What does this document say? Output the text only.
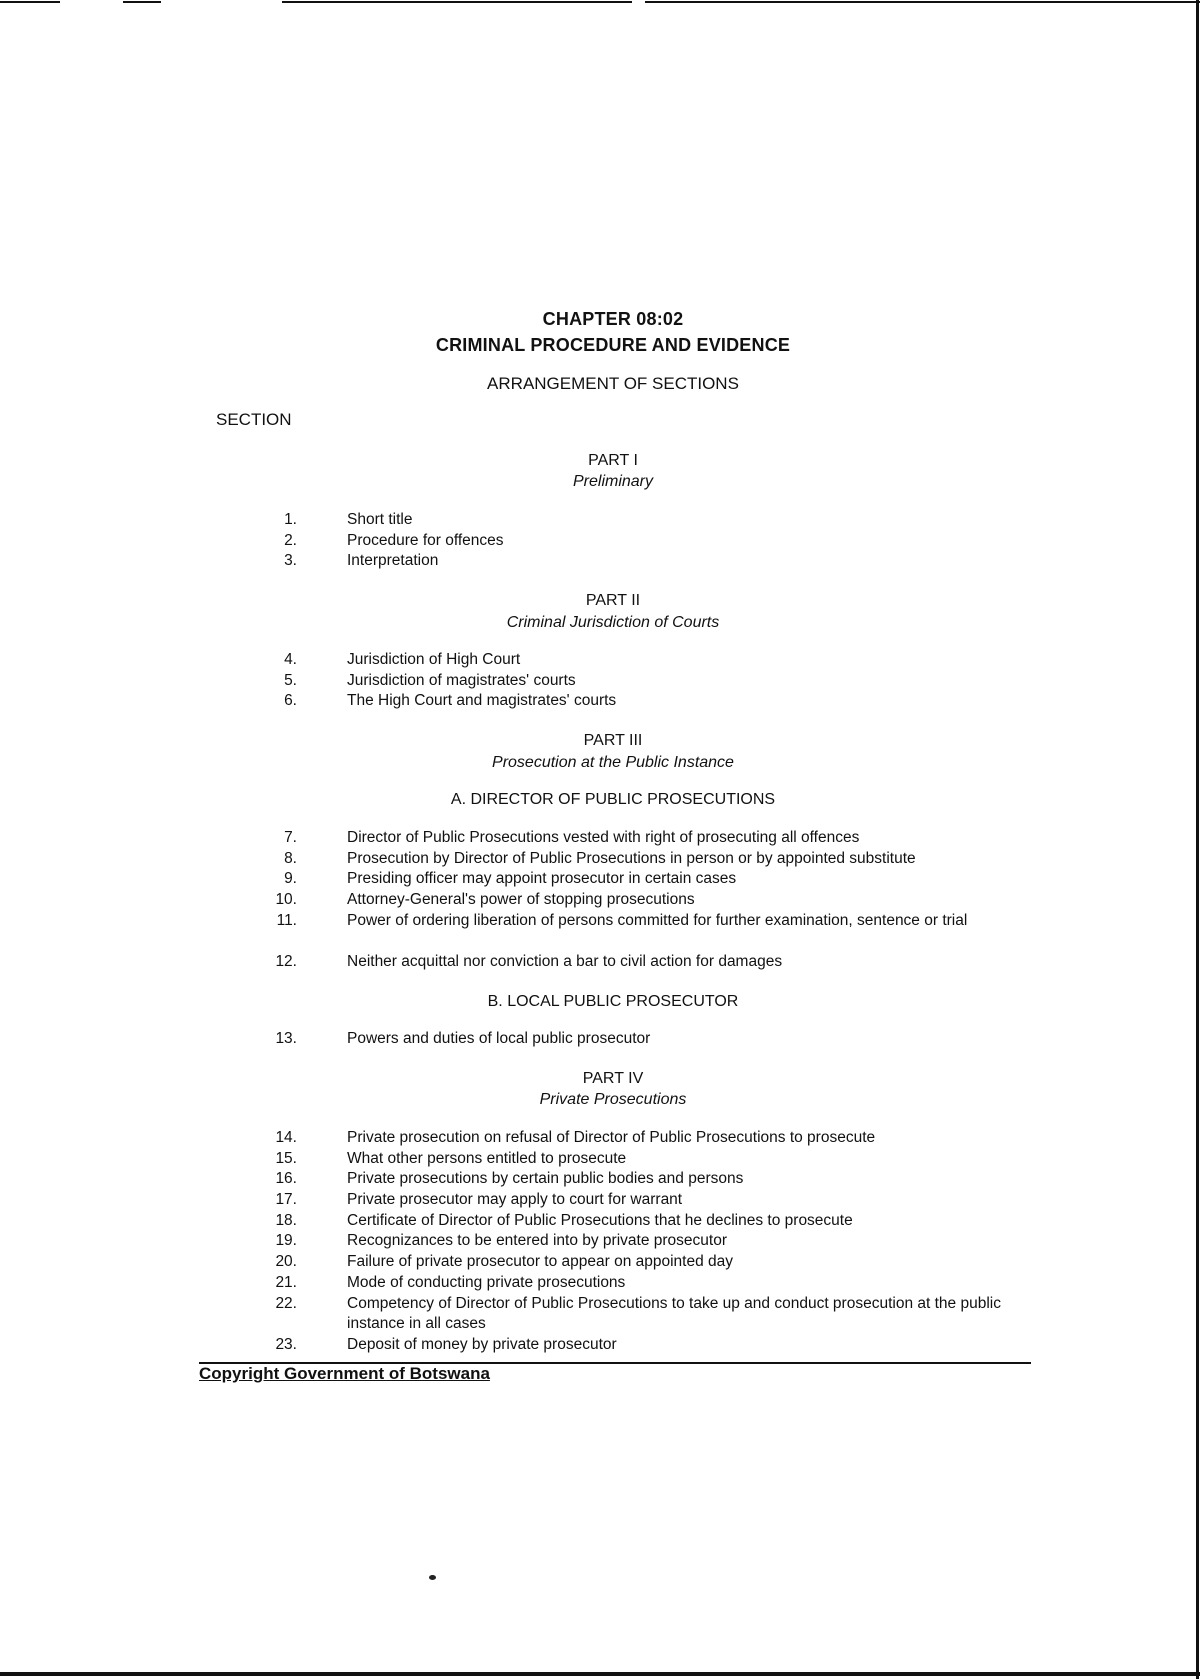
CHAPTER 08:02
CRIMINAL PROCEDURE AND EVIDENCE
ARRANGEMENT OF SECTIONS
SECTION
PART I
Preliminary
1.	Short title
2.	Procedure for offences
3.	Interpretation
PART II
Criminal Jurisdiction of Courts
4.	Jurisdiction of High Court
5.	Jurisdiction of magistrates' courts
6.	The High Court and magistrates' courts
PART III
Prosecution at the Public Instance
A. DIRECTOR OF PUBLIC PROSECUTIONS
7.	Director of Public Prosecutions vested with right of prosecuting all offences
8.	Prosecution by Director of Public Prosecutions in person or by appointed substitute
9.	Presiding officer may appoint prosecutor in certain cases
10.	Attorney-General's power of stopping prosecutions
11.	Power of ordering liberation of persons committed for further examination, sentence or trial
12.	Neither acquittal nor conviction a bar to civil action for damages
B. LOCAL PUBLIC PROSECUTOR
13.	Powers and duties of local public prosecutor
PART IV
Private Prosecutions
14.	Private prosecution on refusal of Director of Public Prosecutions to prosecute
15.	What other persons entitled to prosecute
16.	Private prosecutions by certain public bodies and persons
17.	Private prosecutor may apply to court for warrant
18.	Certificate of Director of Public Prosecutions that he declines to prosecute
19.	Recognizances to be entered into by private prosecutor
20.	Failure of private prosecutor to appear on appointed day
21.	Mode of conducting private prosecutions
22.	Competency of Director of Public Prosecutions to take up and conduct prosecution at the public instance in all cases
23.	Deposit of money by private prosecutor
Copyright Government of Botswana
